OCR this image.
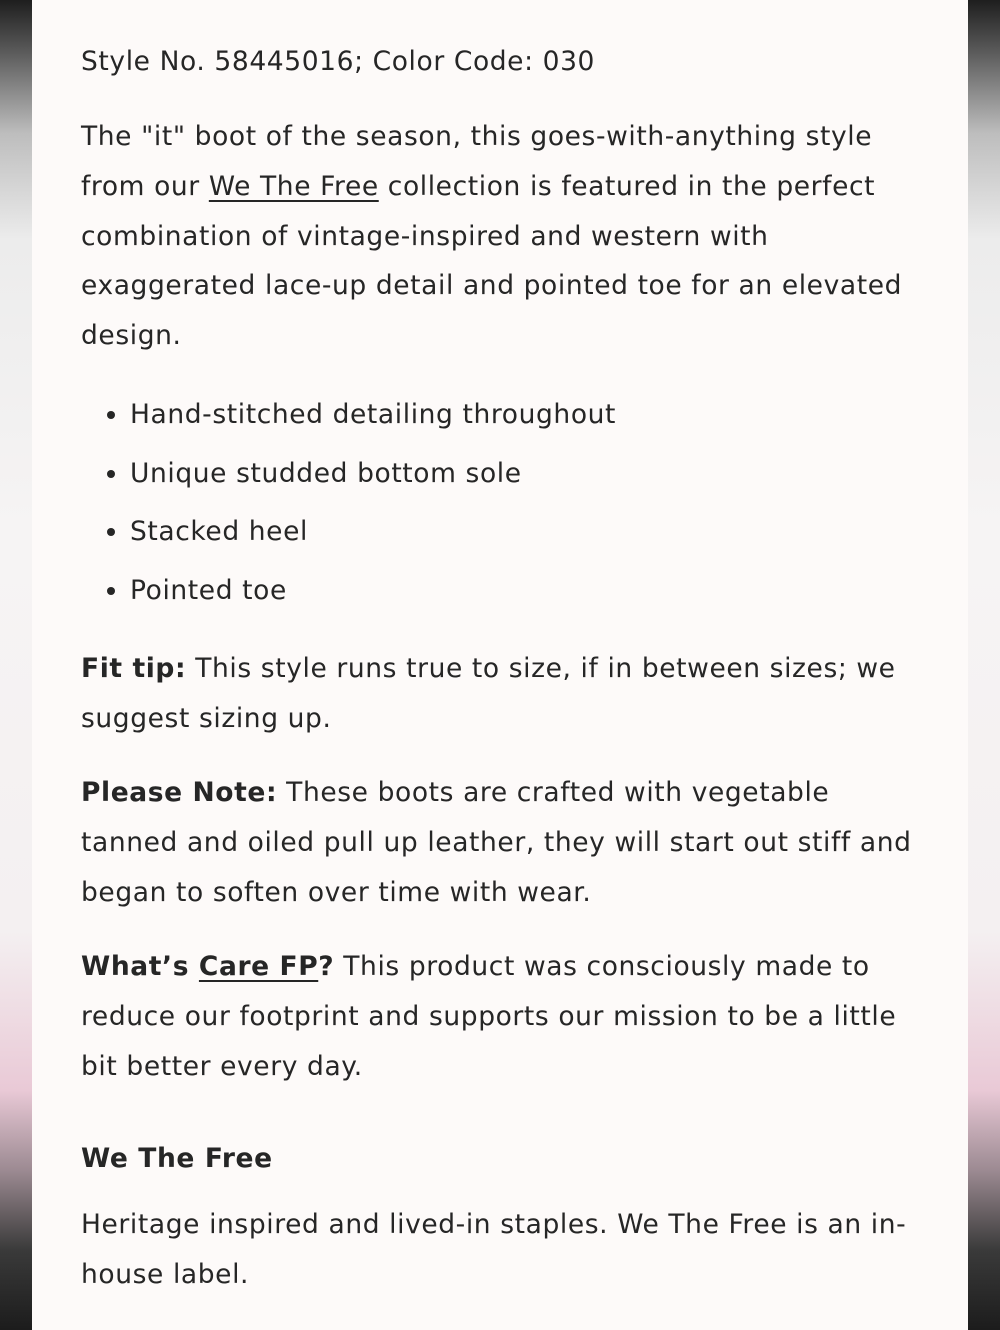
Style No. 58445016; Color Code: 030

The "it" boot of the season, this goes-with-anything style from our We The Free collection is featured in the perfect combination of vintage-inspired and western with exaggerated lace-up detail and pointed toe for an elevated design.

Hand-stitched detailing throughout
Unique studded bottom sole
Stacked heel
Pointed toe

Fit tip: This style runs true to size, if in between sizes; we suggest sizing up.

Please Note: These boots are crafted with vegetable tanned and oiled pull up leather, they will start out stiff and began to soften over time with wear.

What’s Care FP? This product was consciously made to reduce our footprint and supports our mission to be a little bit better every day.

We The Free

Heritage inspired and lived-in staples. We The Free is an in-house label.
